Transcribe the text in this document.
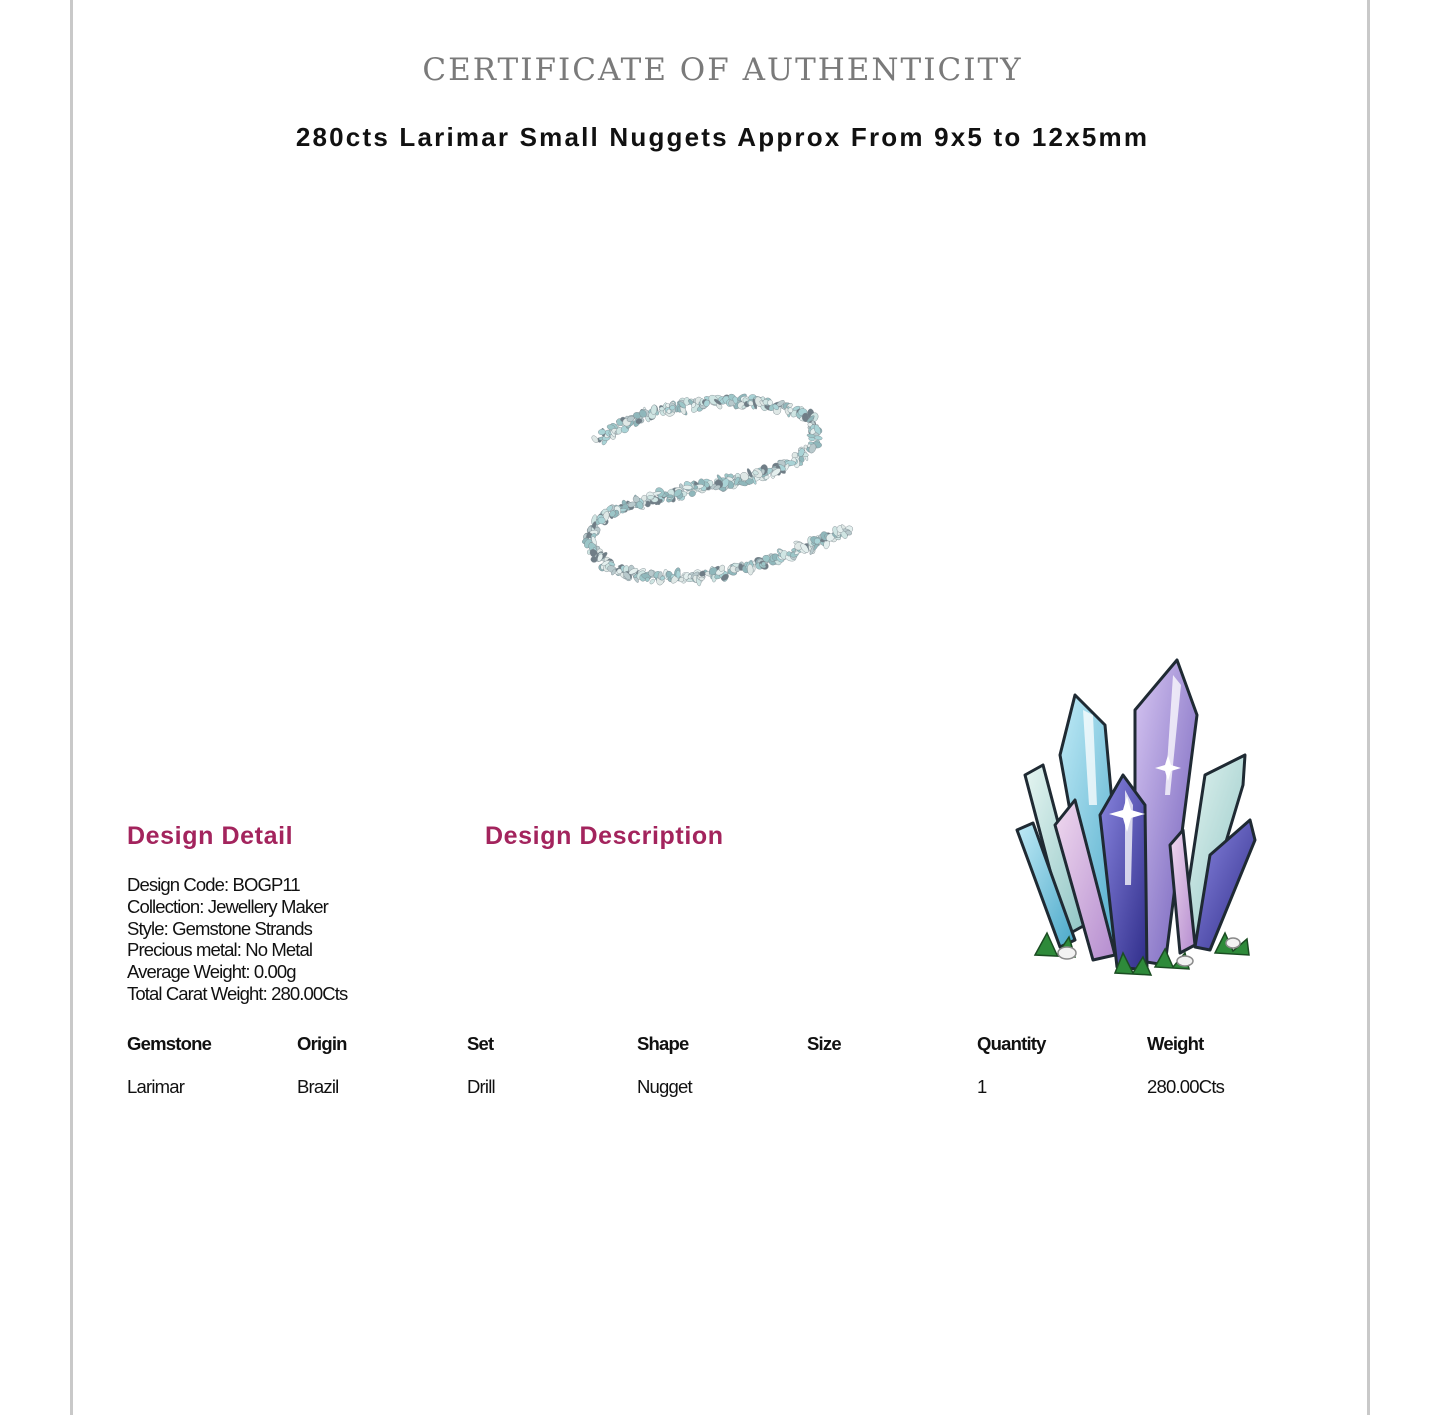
CERTIFICATE OF AUTHENTICITY
280cts Larimar Small Nuggets Approx From 9x5 to 12x5mm
Design Detail	Design Description
Design Code: BOGP11
Collection: Jewellery Maker
Style: Gemstone Strands
Precious metal: No Metal
Average Weight: 0.00g
Total Carat Weight: 280.00Cts
Gemstone	Origin	Set	Shape	Size	Quantity	Weight
Larimar	Brazil	Drill	Nugget		1	280.00Cts
